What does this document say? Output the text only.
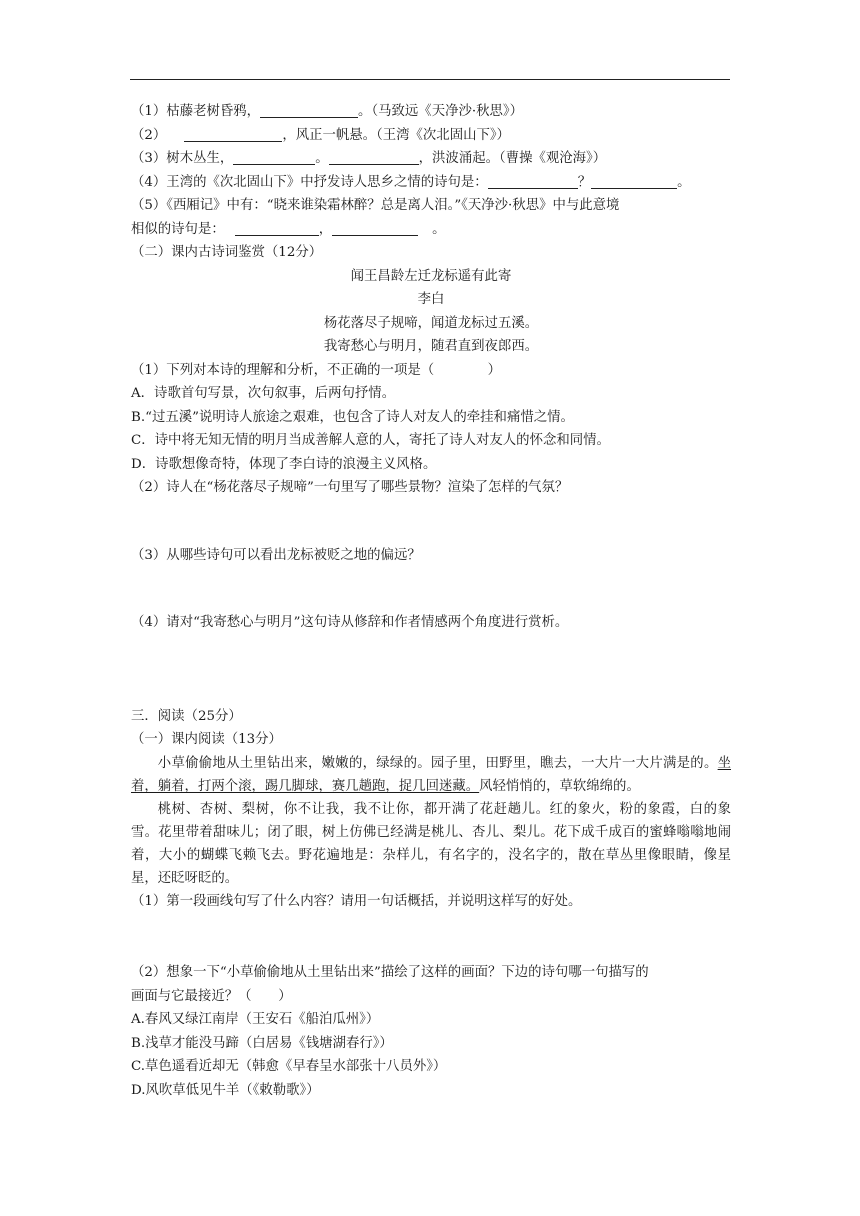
（1）枯藤老树昏鸦，	。（马致远《天净沙·秋思》）
（2）	，风正一帆悬。（王湾《次北固山下》）
（3）树木丛生，	。	，洪波涌起。（曹操《观沧海》）
（4）王湾的《次北固山下》中抒发诗人思乡之情的诗句是：	？	。
（5）《西厢记》中有：“晓来谁染霜林醉？总是离人泪。”《天净沙·秋思》中与此意境
相似的诗句是：	，	。
（二）课内古诗词鉴赏（12分）
闻王昌龄左迁龙标遥有此寄
李白
杨花落尽子规啼，闻道龙标过五溪。
我寄愁心与明月，随君直到夜郎西。
（1）下列对本诗的理解和分析，不正确的一项是（　　　　）
A．诗歌首句写景，次句叙事，后两句抒情。
B.“过五溪”说明诗人旅途之艰难，也包含了诗人对友人的牵挂和痛惜之情。
C．诗中将无知无情的明月当成善解人意的人，寄托了诗人对友人的怀念和同情。
D．诗歌想像奇特，体现了李白诗的浪漫主义风格。
（2）诗人在“杨花落尽子规啼”一句里写了哪些景物？渲染了怎样的气氛？
（3）从哪些诗句可以看出龙标被贬之地的偏远？
（4）请对“我寄愁心与明月”这句诗从修辞和作者情感两个角度进行赏析。
三．阅读（25分）
（一）课内阅读（13分）
小草偷偷地从土里钻出来，嫩嫩的，绿绿的。园子里，田野里，瞧去，一大片一大片满是的。坐着，躺着，打两个滚，踢几脚球，赛几趟跑，捉几回迷藏。风轻悄悄的，草软绵绵的。
桃树、杏树、梨树，你不让我，我不让你，都开满了花赶趟儿。红的象火，粉的象霞，白的象雪。花里带着甜味儿；闭了眼，树上仿佛已经满是桃儿、杏儿、梨儿。花下成千成百的蜜蜂嗡嗡地闹着，大小的蝴蝶飞赖飞去。野花遍地是：杂样儿，有名字的，没名字的，散在草丛里像眼睛，像星星，还眨呀眨的。
（1）第一段画线句写了什么内容？请用一句话概括，并说明这样写的好处。
（2）想象一下“小草偷偷地从土里钻出来”描绘了这样的画面？下边的诗句哪一句描写的
画面与它最接近？（　　）
A.春风又绿江南岸（王安石《船泊瓜州》）
B.浅草才能没马蹄（白居易《钱塘湖春行》）
C.草色遥看近却无（韩愈《早春呈水部张十八员外》）
D.风吹草低见牛羊（《敕勒歌》）
